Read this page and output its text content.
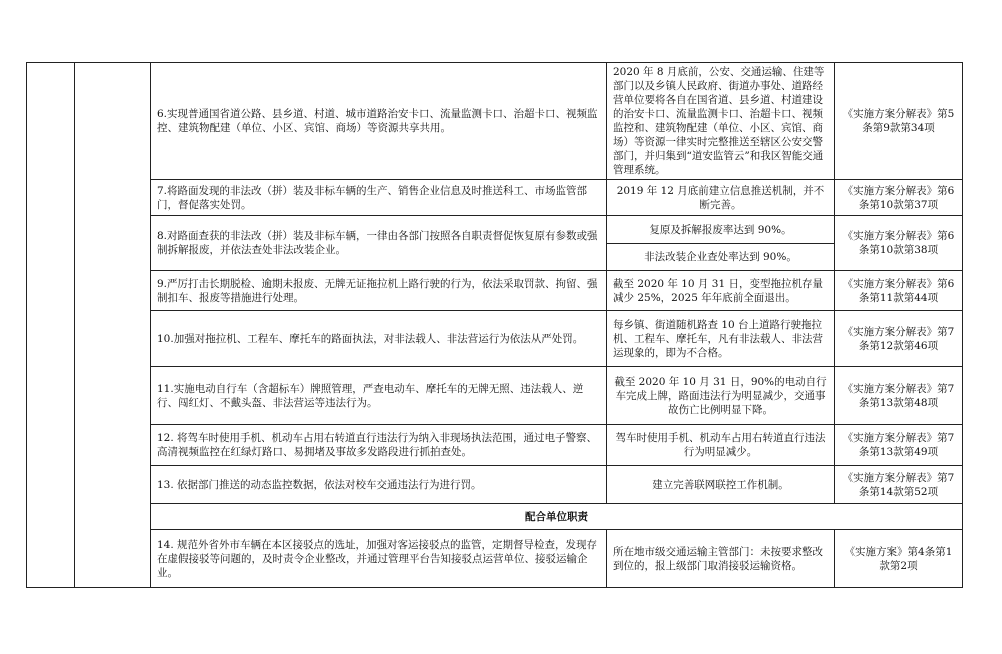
		6.实现普通国省道公路、县乡道、村道、城市道路治安卡口、流量监测卡口、治超卡口、视频监控、建筑物配建（单位、小区、宾馆、商场）等资源共享共用。	2020 年 8 月底前，公安、交通运输、住建等部门以及乡镇人民政府、街道办事处、道路经营单位要将各自在国省道、县乡道、村道建设的治安卡口、流量监测卡口、治超卡口、视频监控和、建筑物配建（单位、小区、宾馆、商场）等资源一律实时完整推送至辖区公安交警部门，并归集到“道安监管云”和我区智能交通管理系统。	《实施方案分解表》第5条第9款第34项
		7.将路面发现的非法改（拼）装及非标车辆的生产、销售企业信息及时推送科工、市场监管部门，督促落实处罚。	2019 年 12 月底前建立信息推送机制，并不断完善。	《实施方案分解表》第6条第10款第37项
		8.对路面查获的非法改（拼）装及非标车辆，一律由各部门按照各自职责督促恢复原有参数或强制拆解报废，并依法查处非法改装企业。	复原及拆解报废率达到 90%。	《实施方案分解表》第6条第10款第38项
			非法改装企业查处率达到 90%。	
		9.严厉打击长期脱检、逾期未报废、无牌无证拖拉机上路行驶的行为，依法采取罚款、拘留、强制扣车、报废等措施进行处理。	截至 2020 年 10 月 31 日，变型拖拉机存量减少 25%，2025 年年底前全面退出。	《实施方案分解表》第6条第11款第44项
		10.加强对拖拉机、工程车、摩托车的路面执法，对非法载人、非法营运行为依法从严处罚。	每乡镇、街道随机路查 10 台上道路行驶拖拉机、工程车、摩托车，凡有非法载人、非法营运现象的，即为不合格。	《实施方案分解表》第7条第12款第46项
		11.实施电动自行车（含超标车）牌照管理，严查电动车、摩托车的无牌无照、违法载人、逆行、闯红灯、不戴头盔、非法营运等违法行为。	截至 2020 年 10 月 31 日，90%的电动自行车完成上牌，路面违法行为明显减少，交通事故伤亡比例明显下降。	《实施方案分解表》第7条第13款第48项
		12. 将驾车时使用手机、机动车占用右转道直行违法行为纳入非现场执法范围，通过电子警察、高清视频监控在红绿灯路口、易拥堵及事故多发路段进行抓拍查处。	驾车时使用手机、机动车占用右转道直行违法行为明显减少。	《实施方案分解表》第7条第13款第49项
		13. 依据部门推送的动态监控数据，依法对校车交通违法行为进行罚。	建立完善联网联控工作机制。	《实施方案分解表》第7条第14款第52项
		配合单位职责		
		14. 规范外省外市车辆在本区接驳点的选址，加强对客运接驳点的监管，定期督导检查，发现存在虚假接驳等问题的，及时责令企业整改，并通过管理平台告知接驳点运营单位、接驳运输企业。	所在地市级交通运输主管部门：未按要求整改到位的，报上级部门取消接驳运输资格。	《实施方案》第4条第1款第2项
